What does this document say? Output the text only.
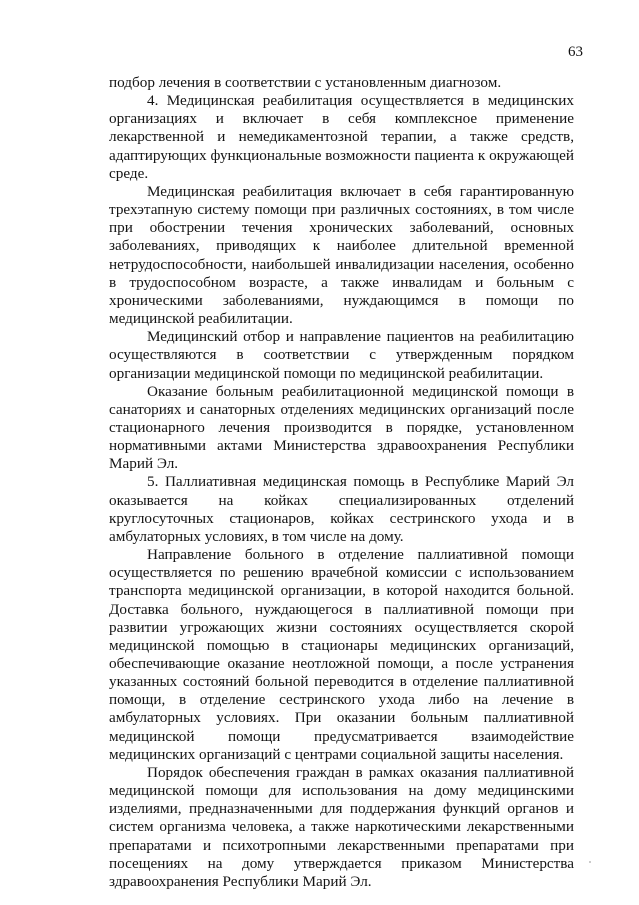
63

подбор лечения в соответствии с установленным диагнозом.

4. Медицинская реабилитация осуществляется в медицинских организациях и включает в себя комплексное применение лекарственной и немедикаментозной терапии, а также средств, адаптирующих функциональные возможности пациента к окружающей среде.

Медицинская реабилитация включает в себя гарантированную трехэтапную систему помощи при различных состояниях, в том числе при обострении течения хронических заболеваний, основных заболеваниях, приводящих к наиболее длительной временной нетрудоспособности, наибольшей инвалидизации населения, особенно в трудоспособном возрасте, а также инвалидам и больным с хроническими заболеваниями, нуждающимся в помощи по медицинской реабилитации.

Медицинский отбор и направление пациентов на реабилитацию осуществляются в соответствии с утвержденным порядком организации медицинской помощи по медицинской реабилитации.

Оказание больным реабилитационной медицинской помощи в санаториях и санаторных отделениях медицинских организаций после стационарного лечения производится в порядке, установленном нормативными актами Министерства здравоохранения Республики Марий Эл.

5. Паллиативная медицинская помощь в Республике Марий Эл оказывается на койках специализированных отделений круглосуточных стационаров, койках сестринского ухода и в амбулаторных условиях, в том числе на дому.

Направление больного в отделение паллиативной помощи осуществляется по решению врачебной комиссии с использованием транспорта медицинской организации, в которой находится больной. Доставка больного, нуждающегося в паллиативной помощи при развитии угрожающих жизни состояниях осуществляется скорой медицинской помощью в стационары медицинских организаций, обеспечивающие оказание неотложной помощи, а после устранения указанных состояний больной переводится в отделение паллиативной помощи, в отделение сестринского ухода либо на лечение в амбулаторных условиях. При оказании больным паллиативной медицинской помощи предусматривается взаимодействие медицинских организаций с центрами социальной защиты населения.

Порядок обеспечения граждан в рамках оказания паллиативной медицинской помощи для использования на дому медицинскими изделиями, предназначенными для поддержания функций органов и систем организма человека, а также наркотическими лекарственными препаратами и психотропными лекарственными препаратами при посещениях на дому утверждается приказом Министерства здравоохранения Республики Марий Эл.
